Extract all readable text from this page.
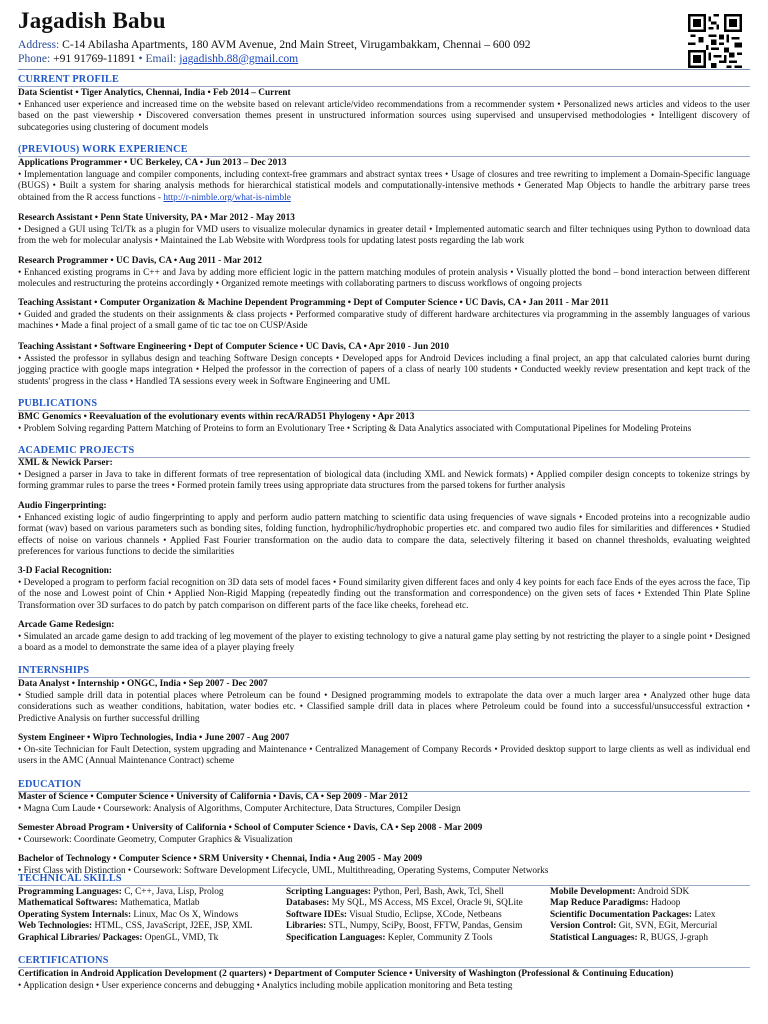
Jagadish Babu
Address: C-14 Abilasha Apartments, 180 AVM Avenue, 2nd Main Street, Virugambakkam, Chennai – 600 092
Phone: +91 91769-11891 • Email: jagadishb.88@gmail.com
CURRENT PROFILE
Data Scientist • Tiger Analytics, Chennai, India • Feb 2014 – Current
• Enhanced user experience and increased time on the website based on relevant article/video recommendations from a recommender system • Personalized news articles and videos to the user based on the past viewership • Discovered conversation themes present in unstructured information sources using supervised and unsupervised methodologies • Intelligent discovery of subcategories using clustering of document models
(PREVIOUS) WORK EXPERIENCE
Applications Programmer • UC Berkeley, CA • Jun 2013 – Dec 2013
• Implementation language and compiler components, including context-free grammars and abstract syntax trees • Usage of closures and tree rewriting to implement a Domain-Specific language (BUGS) • Built a system for sharing analysis methods for hierarchical statistical models and computationally-intensive methods • Generated Map Objects to handle the arbitrary parse trees obtained from the R access functions - http://r-nimble.org/what-is-nimble
Research Assistant • Penn State University, PA • Mar 2012 - May 2013
• Designed a GUI using Tcl/Tk as a plugin for VMD users to visualize molecular dynamics in greater detail • Implemented automatic search and filter techniques using Python to download data from the web for molecular analysis • Maintained the Lab Website with Wordpress tools for updating latest posts regarding the lab work
Research Programmer • UC Davis, CA • Aug 2011 - Mar 2012
• Enhanced existing programs in C++ and Java by adding more efficient logic in the pattern matching modules of protein analysis • Visually plotted the bond – bond interaction between different molecules and restructuring the proteins accordingly • Organized remote meetings with collaborating partners to discuss workflows of ongoing projects
Teaching Assistant • Computer Organization & Machine Dependent Programming • Dept of Computer Science • UC Davis, CA • Jan 2011 - Mar 2011
• Guided and graded the students on their assignments & class projects • Performed comparative study of different hardware architectures via programming in the assembly languages of various machines • Made a final project of a small game of tic tac toe on CUSP/Aside
Teaching Assistant • Software Engineering • Dept of Computer Science • UC Davis, CA • Apr 2010 - Jun 2010
• Assisted the professor in syllabus design and teaching Software Design concepts • Developed apps for Android Devices including a final project, an app that calculated calories burnt during jogging practice with google maps integration • Helped the professor in the correction of papers of a class of nearly 100 students • Conducted weekly review presentation and kept track of the students' progress in the class • Handled TA sessions every week in Software Engineering and UML
PUBLICATIONS
BMC Genomics • Reevaluation of the evolutionary events within recA/RAD51 Phylogeny • Apr 2013
• Problem Solving regarding Pattern Matching of Proteins to form an Evolutionary Tree • Scripting & Data Analytics associated with Computational Pipelines for Modeling Proteins
ACADEMIC PROJECTS
XML & Newick Parser:
• Designed a parser in Java to take in different formats of tree representation of biological data (including XML and Newick formats) • Applied compiler design concepts to tokenize strings by forming grammar rules to parse the trees • Formed protein family trees using appropriate data structures from the parsed tokens for further analysis
Audio Fingerprinting:
• Enhanced existing logic of audio fingerprinting to apply and perform audio pattern matching to scientific data using frequencies of wave signals • Encoded proteins into a recognizable audio format (wav) based on various parameters such as bonding sites, folding function, hydrophilic/hydrophobic properties etc. and compared two audio files for similarities and differences • Studied effects of noise on various channels • Applied Fast Fourier transformation on the audio data to compare the data, selectively filtering it based on channel thresholds, evaluating weighted preferences for various functions to decide the similarities
3-D Facial Recognition:
• Developed a program to perform facial recognition on 3D data sets of model faces • Found similarity given different faces and only 4 key points for each face Ends of the eyes across the face, Tip of the nose and Lowest point of Chin • Applied Non-Rigid Mapping (repeatedly finding out the transformation and correspondence) on the given sets of faces • Extended Thin Plate Spline Transformation over 3D surfaces to do patch by patch comparison on different parts of the face like cheeks, forehead etc.
Arcade Game Redesign:
• Simulated an arcade game design to add tracking of leg movement of the player to existing technology to give a natural game play setting by not restricting the player to a single point • Designed a board as a model to demonstrate the same idea of a player playing freely
INTERNSHIPS
Data Analyst • Internship • ONGC, India • Sep 2007 - Dec 2007
• Studied sample drill data in potential places where Petroleum can be found • Designed programming models to extrapolate the data over a much larger area • Analyzed other huge data considerations such as weather conditions, habitation, water bodies etc. • Classified sample drill data in places where Petroleum could be found into a successful/unsuccessful extraction • Predictive Analysis on further successful drilling
System Engineer • Wipro Technologies, India • June 2007 - Aug 2007
• On-site Technician for Fault Detection, system upgrading and Maintenance • Centralized Management of Company Records • Provided desktop support to large clients as well as individual end users in the AMC (Annual Maintenance Contract) scheme
EDUCATION
Master of Science • Computer Science • University of California • Davis, CA • Sep 2009 - Mar 2012
• Magna Cum Laude • Coursework: Analysis of Algorithms, Computer Architecture, Data Structures, Compiler Design
Semester Abroad Program • University of California • School of Computer Science • Davis, CA • Sep 2008 - Mar 2009
• Coursework: Coordinate Geometry, Computer Graphics & Visualization
Bachelor of Technology • Computer Science • SRM University • Chennai, India • Aug 2005 - May 2009
• First Class with Distinction • Coursework: Software Development Lifecycle, UML, Multithreading, Operating Systems, Computer Networks
TECHNICAL SKILLS
Programming Languages: C, C++, Java, Lisp, Prolog
Mathematical Softwares: Mathematica, Matlab
Operating System Internals: Linux, Mac Os X, Windows
Web Technologies: HTML, CSS, JavaScript, J2EE, JSP, XML
Graphical Libraries/ Packages: OpenGL, VMD, Tk
Scripting Languages: Python, Perl, Bash, Awk, Tcl, Shell
Databases: My SQL, MS Access, MS Excel, Oracle 9i, SQLite
Software IDEs: Visual Studio, Eclipse, XCode, Netbeans
Libraries: STL, Numpy, SciPy, Boost, FFTW, Pandas, Gensim
Specification Languages: Kepler, Community Z Tools
Mobile Development: Android SDK
Map Reduce Paradigms: Hadoop
Scientific Documentation Packages: Latex
Version Control: Git, SVN, EGit, Mercurial
Statistical Languages: R, BUGS, J-graph
CERTIFICATIONS
Certification in Android Application Development (2 quarters) • Department of Computer Science • University of Washington (Professional & Continuing Education)
• Application design • User experience concerns and debugging • Analytics including mobile application monitoring and Beta testing
